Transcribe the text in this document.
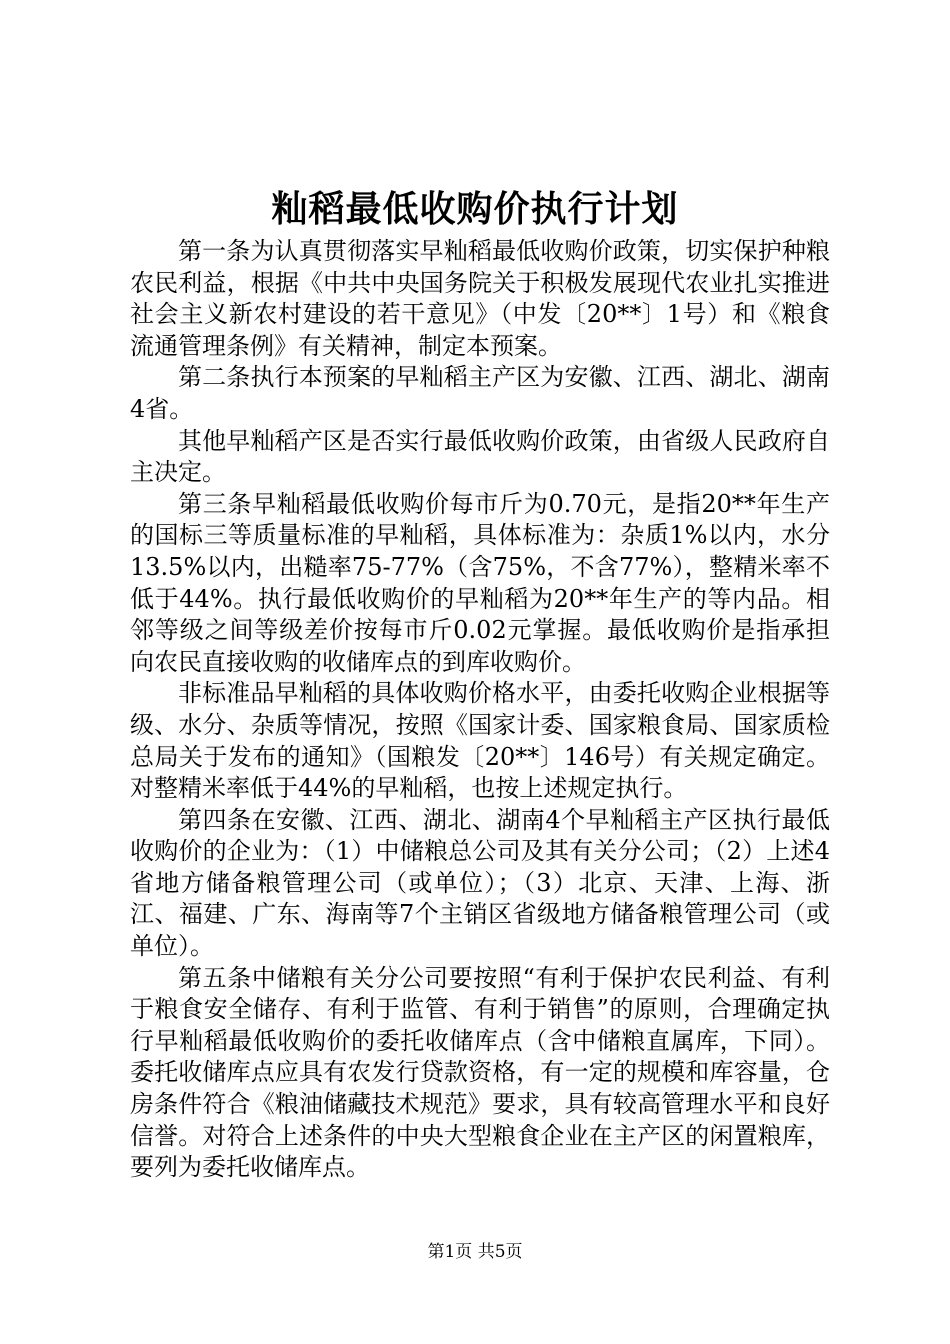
籼稻最低收购价执行计划

第一条为认真贯彻落实早籼稻最低收购价政策，切实保护种粮农民利益，根据《中共中央国务院关于积极发展现代农业扎实推进社会主义新农村建设的若干意见》（中发〔20**〕1号）和《粮食流通管理条例》有关精神，制定本预案。

第二条执行本预案的早籼稻主产区为安徽、江西、湖北、湖南4省。

其他早籼稻产区是否实行最低收购价政策，由省级人民政府自主决定。

第三条早籼稻最低收购价每市斤为0.70元，是指20**年生产的国标三等质量标准的早籼稻，具体标准为：杂质1%以内，水分13.5%以内，出糙率75-77%（含75%，不含77%），整精米率不低于44%。执行最低收购价的早籼稻为20**年生产的等内品。相邻等级之间等级差价按每市斤0.02元掌握。最低收购价是指承担向农民直接收购的收储库点的到库收购价。

非标准品早籼稻的具体收购价格水平，由委托收购企业根据等级、水分、杂质等情况，按照《国家计委、国家粮食局、国家质检总局关于发布的通知》（国粮发〔20**〕146号）有关规定确定。对整精米率低于44%的早籼稻，也按上述规定执行。

第四条在安徽、江西、湖北、湖南4个早籼稻主产区执行最低收购价的企业为：（1）中储粮总公司及其有关分公司；（2）上述4省地方储备粮管理公司（或单位）；（3）北京、天津、上海、浙江、福建、广东、海南等7个主销区省级地方储备粮管理公司（或单位）。

第五条中储粮有关分公司要按照“有利于保护农民利益、有利于粮食安全储存、有利于监管、有利于销售”的原则，合理确定执行早籼稻最低收购价的委托收储库点（含中储粮直属库，下同）。委托收储库点应具有农发行贷款资格，有一定的规模和库容量，仓房条件符合《粮油储藏技术规范》要求，具有较高管理水平和良好信誉。对符合上述条件的中央大型粮食企业在主产区的闲置粮库，要列为委托收储库点。

第1页 共5页
